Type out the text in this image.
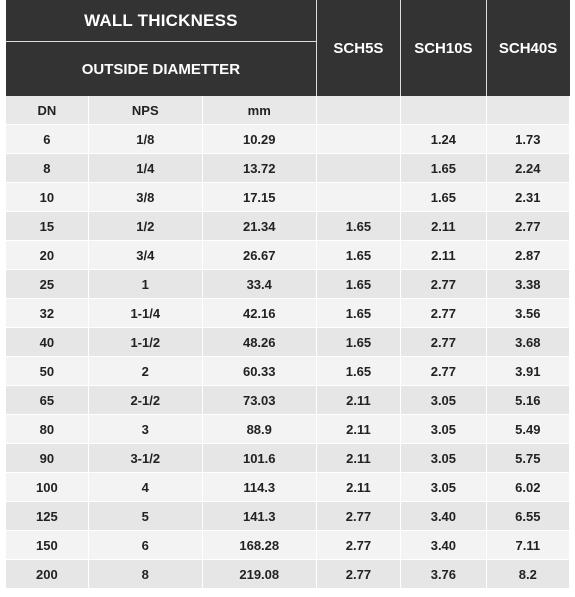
WALL THICKNESS			SCH5S	SCH10S	SCH40S
OUTSIDE DIAMETTER					
DN	NPS	mm			
6	1/8	10.29		1.24	1.73
8	1/4	13.72		1.65	2.24
10	3/8	17.15		1.65	2.31
15	1/2	21.34	1.65	2.11	2.77
20	3/4	26.67	1.65	2.11	2.87
25	1	33.4	1.65	2.77	3.38
32	1-1/4	42.16	1.65	2.77	3.56
40	1-1/2	48.26	1.65	2.77	3.68
50	2	60.33	1.65	2.77	3.91
65	2-1/2	73.03	2.11	3.05	5.16
80	3	88.9	2.11	3.05	5.49
90	3-1/2	101.6	2.11	3.05	5.75
100	4	114.3	2.11	3.05	6.02
125	5	141.3	2.77	3.40	6.55
150	6	168.28	2.77	3.40	7.11
200	8	219.08	2.77	3.76	8.2
